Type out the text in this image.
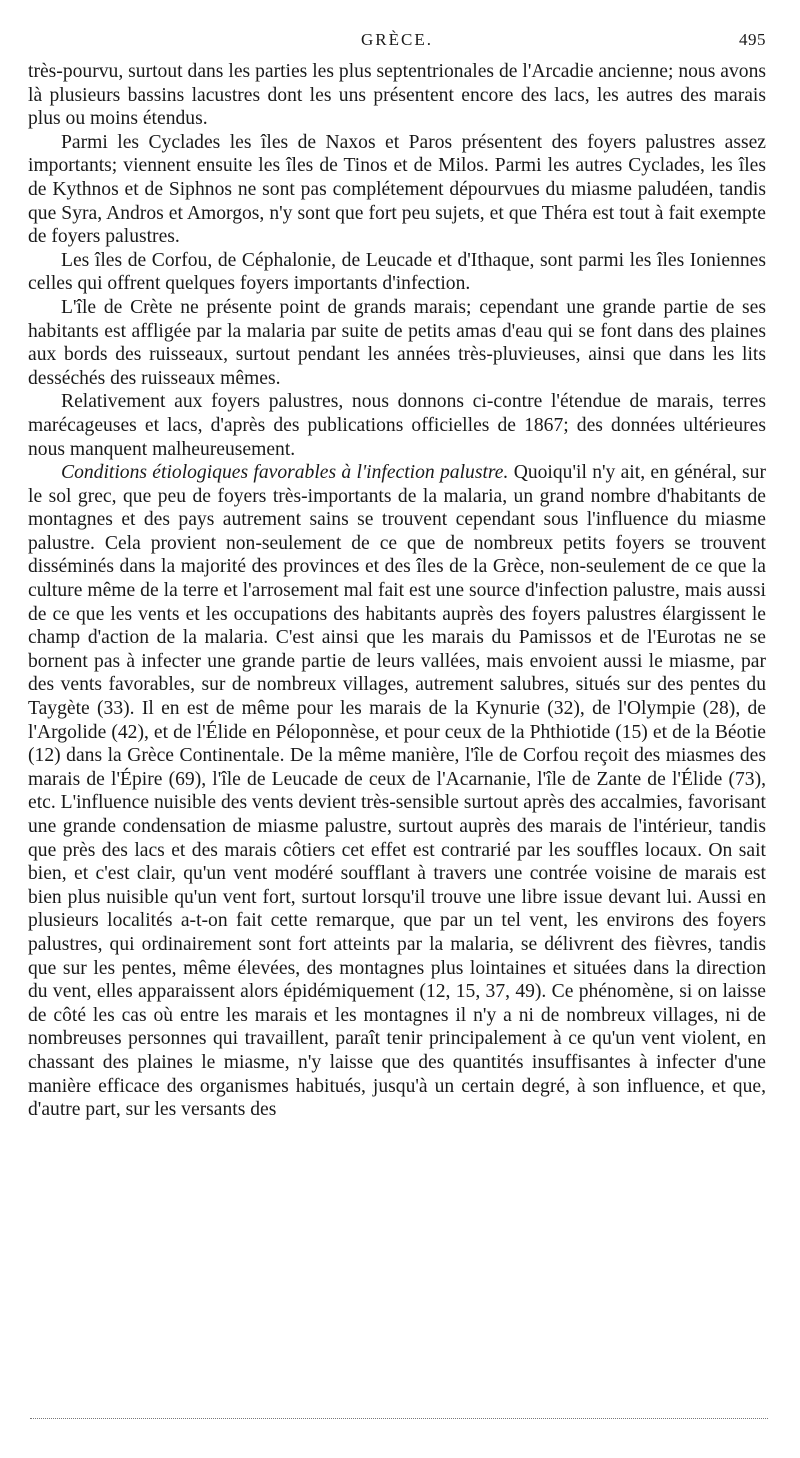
GRÈCE.	495

très-pourvu, surtout dans les parties les plus septentrionales de l'Arcadie ancienne; nous avons là plusieurs bassins lacustres dont les uns présentent encore des lacs, les autres des marais plus ou moins étendus.

Parmi les Cyclades les îles de Naxos et Paros présentent des foyers palustres assez importants; viennent ensuite les îles de Tinos et de Milos. Parmi les autres Cyclades, les îles de Kythnos et de Siphnos ne sont pas complétement dépourvues du miasme paludéen, tandis que Syra, Andros et Amorgos, n'y sont que fort peu sujets, et que Théra est tout à fait exempte de foyers palustres.

Les îles de Corfou, de Céphalonie, de Leucade et d'Ithaque, sont parmi les îles Ioniennes celles qui offrent quelques foyers importants d'infection.

L'île de Crète ne présente point de grands marais; cependant une grande partie de ses habitants est affligée par la malaria par suite de petits amas d'eau qui se font dans des plaines aux bords des ruisseaux, surtout pendant les années très-pluvieuses, ainsi que dans les lits desséchés des ruisseaux mêmes.

Relativement aux foyers palustres, nous donnons ci-contre l'étendue de marais, terres marécageuses et lacs, d'après des publications officielles de 1867; des données ultérieures nous manquent malheureusement.

Conditions étiologiques favorables à l'infection palustre. Quoiqu'il n'y ait, en général, sur le sol grec, que peu de foyers très-importants de la malaria, un grand nombre d'habitants de montagnes et des pays autrement sains se trouvent cependant sous l'influence du miasme palustre. Cela provient non-seulement de ce que de nombreux petits foyers se trouvent disséminés dans la majorité des provinces et des îles de la Grèce, non-seulement de ce que la culture même de la terre et l'arrosement mal fait est une source d'infection palustre, mais aussi de ce que les vents et les occupations des habitants auprès des foyers palustres élargissent le champ d'action de la malaria. C'est ainsi que les marais du Pamissos et de l'Eurotas ne se bornent pas à infecter une grande partie de leurs vallées, mais envoient aussi le miasme, par des vents favorables, sur de nombreux villages, autrement salubres, situés sur des pentes du Taygète (33). Il en est de même pour les marais de la Kynurie (32), de l'Olympie (28), de l'Argolide (42), et de l'Élide en Péloponnèse, et pour ceux de la Phthiotide (15) et de la Béotie (12) dans la Grèce Continentale. De la même manière, l'île de Corfou reçoit des miasmes des marais de l'Épire (69), l'île de Leucade de ceux de l'Acarnanie, l'île de Zante de l'Élide (73), etc. L'influence nuisible des vents devient très-sensible surtout après des accalmies, favorisant une grande condensation de miasme palustre, surtout auprès des marais de l'intérieur, tandis que près des lacs et des marais côtiers cet effet est contrarié par les souffles locaux. On sait bien, et c'est clair, qu'un vent modéré soufflant à travers une contrée voisine de marais est bien plus nuisible qu'un vent fort, surtout lorsqu'il trouve une libre issue devant lui. Aussi en plusieurs localités a-t-on fait cette remarque, que par un tel vent, les environs des foyers palustres, qui ordinairement sont fort atteints par la malaria, se délivrent des fièvres, tandis que sur les pentes, même élevées, des montagnes plus lointaines et situées dans la direction du vent, elles apparaissent alors épidémiquement (12, 15, 37, 49). Ce phénomène, si on laisse de côté les cas où entre les marais et les montagnes il n'y a ni de nombreux villages, ni de nombreuses personnes qui travaillent, paraît tenir principalement à ce qu'un vent violent, en chassant des plaines le miasme, n'y laisse que des quantités insuffisantes à infecter d'une manière efficace des organismes habitués, jusqu'à un certain degré, à son influence, et que, d'autre part, sur les versants des
